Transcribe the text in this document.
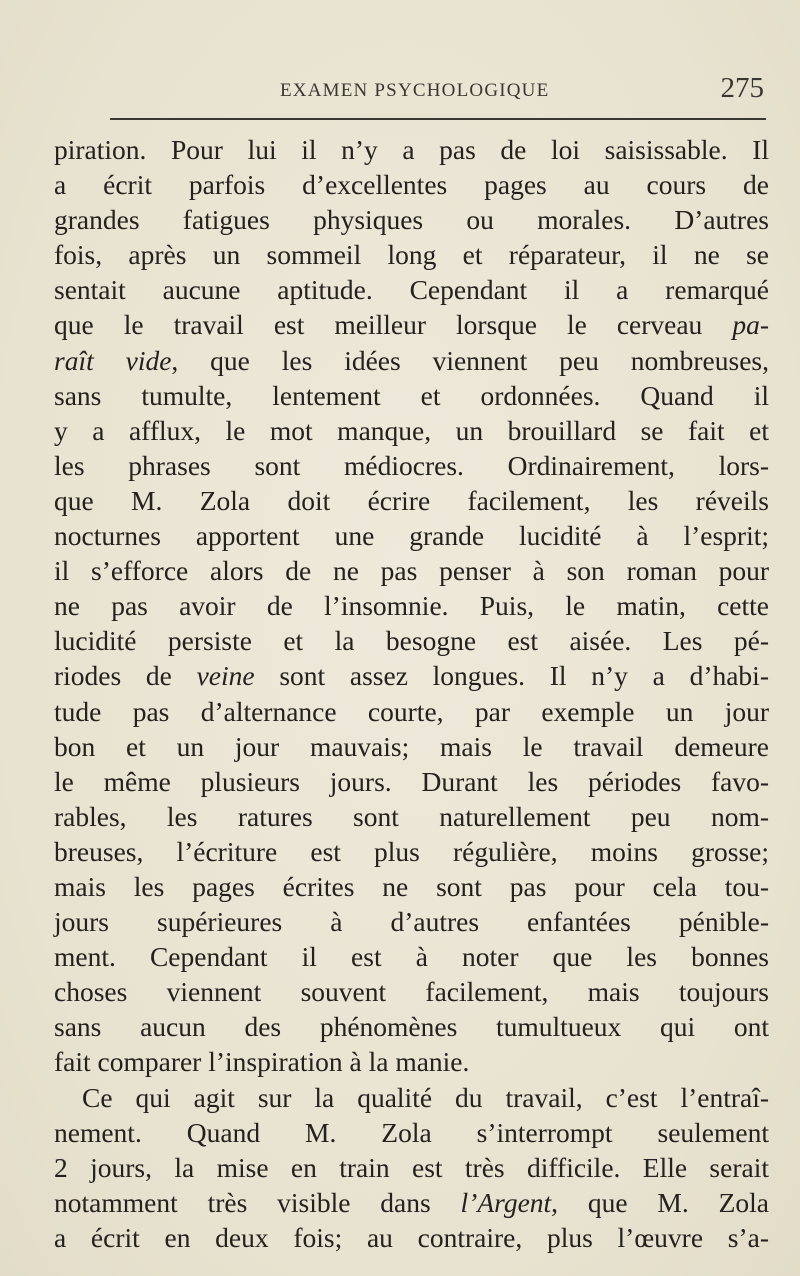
EXAMEN PSYCHOLOGIQUE	275
piration. Pour lui il n’y a pas de loi saisissable. Il
a écrit parfois d’excellentes pages au cours de
grandes fatigues physiques ou morales. D’autres
fois, après un sommeil long et réparateur, il ne se
sentait aucune aptitude. Cependant il a remarqué
que le travail est meilleur lorsque le cerveau pa-
raît vide, que les idées viennent peu nombreuses,
sans tumulte, lentement et ordonnées. Quand il
y a afflux, le mot manque, un brouillard se fait et
les phrases sont médiocres. Ordinairement, lors-
que M. Zola doit écrire facilement, les réveils
nocturnes apportent une grande lucidité à l’esprit;
il s’efforce alors de ne pas penser à son roman pour
ne pas avoir de l’insomnie. Puis, le matin, cette
lucidité persiste et la besogne est aisée. Les pé-
riodes de veine sont assez longues. Il n’y a d’habi-
tude pas d’alternance courte, par exemple un jour
bon et un jour mauvais; mais le travail demeure
le même plusieurs jours. Durant les périodes favo-
rables, les ratures sont naturellement peu nom-
breuses, l’écriture est plus régulière, moins grosse;
mais les pages écrites ne sont pas pour cela tou-
jours supérieures à d’autres enfantées pénible-
ment. Cependant il est à noter que les bonnes
choses viennent souvent facilement, mais toujours
sans aucun des phénomènes tumultueux qui ont
fait comparer l’inspiration à la manie.
Ce qui agit sur la qualité du travail, c’est l’entraî-
nement. Quand M. Zola s’interrompt seulement
2 jours, la mise en train est très difficile. Elle serait
notamment très visible dans l’Argent, que M. Zola
a écrit en deux fois; au contraire, plus l’œuvre s’a-
